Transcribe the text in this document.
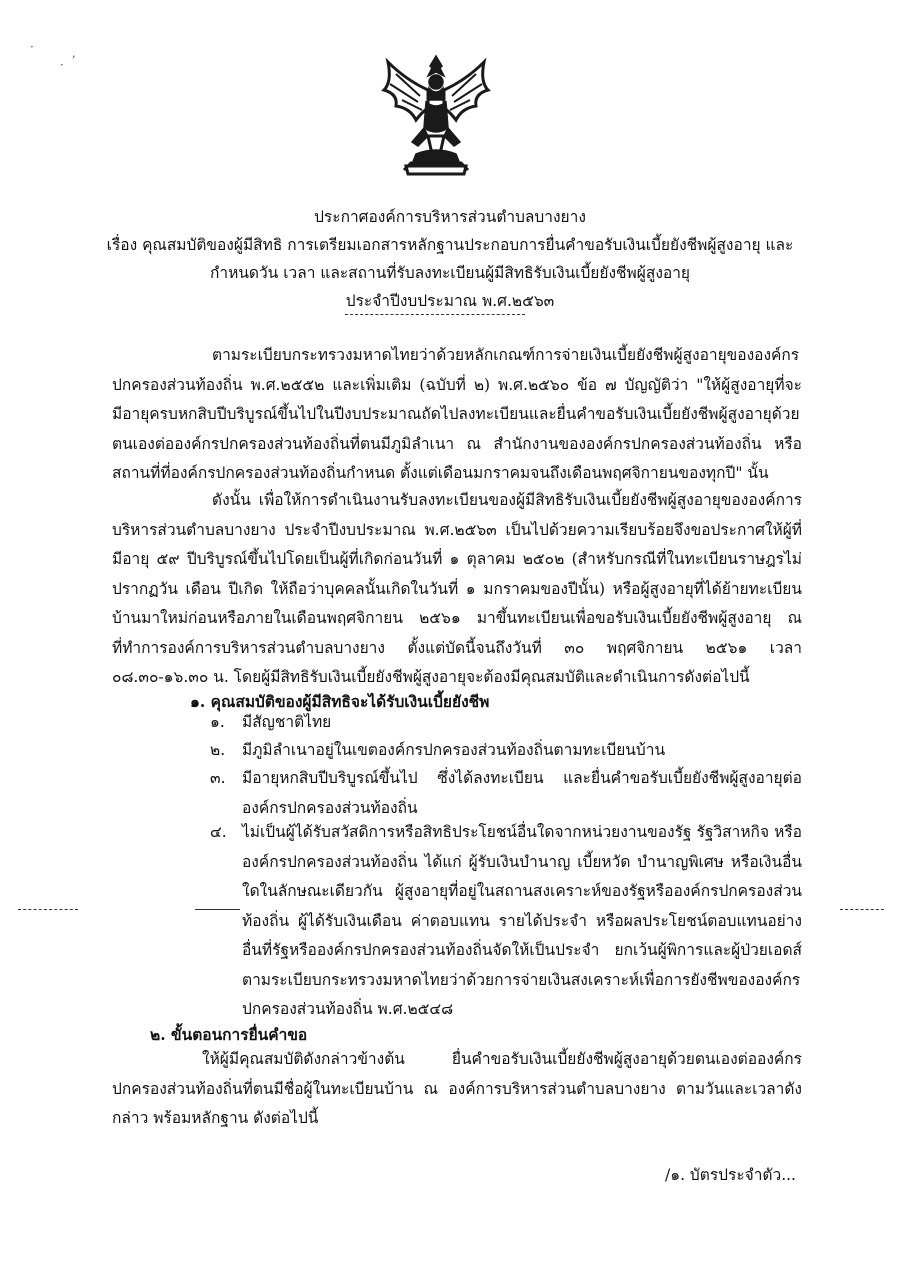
·
·
,
ประกาศองค์การบริหารส่วนตำบลบางยาง
เรื่อง คุณสมบัติของผู้มีสิทธิ การเตรียมเอกสารหลักฐานประกอบการยื่นคำขอรับเงินเบี้ยยังชีพผู้สูงอายุ และ
กำหนดวัน เวลา และสถานที่รับลงทะเบียนผู้มีสิทธิรับเงินเบี้ยยังชีพผู้สูงอายุ
ประจำปีงบประมาณ พ.ศ.๒๕๖๓
ตามระเบียบกระทรวงมหาดไทยว่าด้วยหลักเกณฑ์การจ่ายเงินเบี้ยยังชีพผู้สูงอายุขององค์กรปกครองส่วนท้องถิ่น พ.ศ.๒๕๕๒ และเพิ่มเติม (ฉบับที่ ๒) พ.ศ.๒๕๖๐ ข้อ ๗ บัญญัติว่า "ให้ผู้สูงอายุที่จะมีอายุครบหกสิบปีบริบูรณ์ขึ้นไปในปีงบประมาณถัดไปลงทะเบียนและยื่นคำขอรับเงินเบี้ยยังชีพผู้สูงอายุด้วยตนเองต่อองค์กรปกครองส่วนท้องถิ่นที่ตนมีภูมิลำเนา ณ สำนักงานขององค์กรปกครองส่วนท้องถิ่น หรือสถานที่ที่องค์กรปกครองส่วนท้องถิ่นกำหนด ตั้งแต่เดือนมกราคมจนถึงเดือนพฤศจิกายนของทุกปี" นั้น
ดังนั้น เพื่อให้การดำเนินงานรับลงทะเบียนของผู้มีสิทธิรับเงินเบี้ยยังชีพผู้สูงอายุขององค์การบริหารส่วนตำบลบางยาง ประจำปีงบประมาณ พ.ศ.๒๕๖๓ เป็นไปด้วยความเรียบร้อยจึงขอประกาศให้ผู้ที่มีอายุ ๕๙ ปีบริบูรณ์ขึ้นไปโดยเป็นผู้ที่เกิดก่อนวันที่ ๑ ตุลาคม ๒๕๐๒ (สำหรับกรณีที่ในทะเบียนราษฎรไม่ปรากฏวัน เดือน ปีเกิด ให้ถือว่าบุคคลนั้นเกิดในวันที่ ๑ มกราคมของปีนั้น) หรือผู้สูงอายุที่ได้ย้ายทะเบียนบ้านมาใหม่ก่อนหรือภายในเดือนพฤศจิกายน ๒๕๖๑ มาขึ้นทะเบียนเพื่อขอรับเงินเบี้ยยังชีพผู้สูงอายุ ณ ที่ทำการองค์การบริหารส่วนตำบลบางยาง ตั้งแต่บัดนี้จนถึงวันที่ ๓๐ พฤศจิกายน ๒๕๖๑ เวลา ๐๘.๓๐-๑๖.๓๐ น. โดยผู้มีสิทธิรับเงินเบี้ยยังชีพผู้สูงอายุจะต้องมีคุณสมบัติและดำเนินการดังต่อไปนี้
๑. คุณสมบัติของผู้มีสิทธิจะได้รับเงินเบี้ยยังชีพ
๑.	มีสัญชาติไทย
๒.	มีภูมิลำเนาอยู่ในเขตองค์กรปกครองส่วนท้องถิ่นตามทะเบียนบ้าน
๓.	มีอายุหกสิบปีบริบูรณ์ขึ้นไป ซึ่งได้ลงทะเบียน และยื่นคำขอรับเบี้ยยังชีพผู้สูงอายุต่อองค์กรปกครองส่วนท้องถิ่น
๔. ไม่เป็นผู้ได้รับสวัสดิการหรือสิทธิประโยชน์อื่นใดจากหน่วยงานของรัฐ รัฐวิสาหกิจ หรือองค์กรปกครองส่วนท้องถิ่น ได้แก่ ผู้รับเงินบำนาญ เบี้ยหวัด บำนาญพิเศษ หรือเงินอื่นใดในลักษณะเดียวกัน ผู้สูงอายุที่อยู่ในสถานสงเคราะห์ของรัฐหรือองค์กรปกครองส่วนท้องถิ่น ผู้ได้รับเงินเดือน ค่าตอบแทน รายได้ประจำ หรือผลประโยชน์ตอบแทนอย่างอื่นที่รัฐหรือองค์กรปกครองส่วนท้องถิ่นจัดให้เป็นประจำ ยกเว้นผู้พิการและผู้ป่วยเอดส์ตามระเบียบกระทรวงมหาดไทยว่าด้วยการจ่ายเงินสงเคราะห์เพื่อการยังชีพขององค์กรปกครองส่วนท้องถิ่น พ.ศ.๒๕๔๘
๒. ขั้นตอนการยื่นคำขอ
ให้ผู้มีคุณสมบัติดังกล่าวข้างต้น ยื่นคำขอรับเงินเบี้ยยังชีพผู้สูงอายุด้วยตนเองต่อองค์กรปกครองส่วนท้องถิ่นที่ตนมีชื่อผู้ในทะเบียนบ้าน ณ องค์การบริหารส่วนตำบลบางยาง ตามวันและเวลาดังกล่าว พร้อมหลักฐาน ดังต่อไปนี้
/๑. บัตรประจำตัว...
